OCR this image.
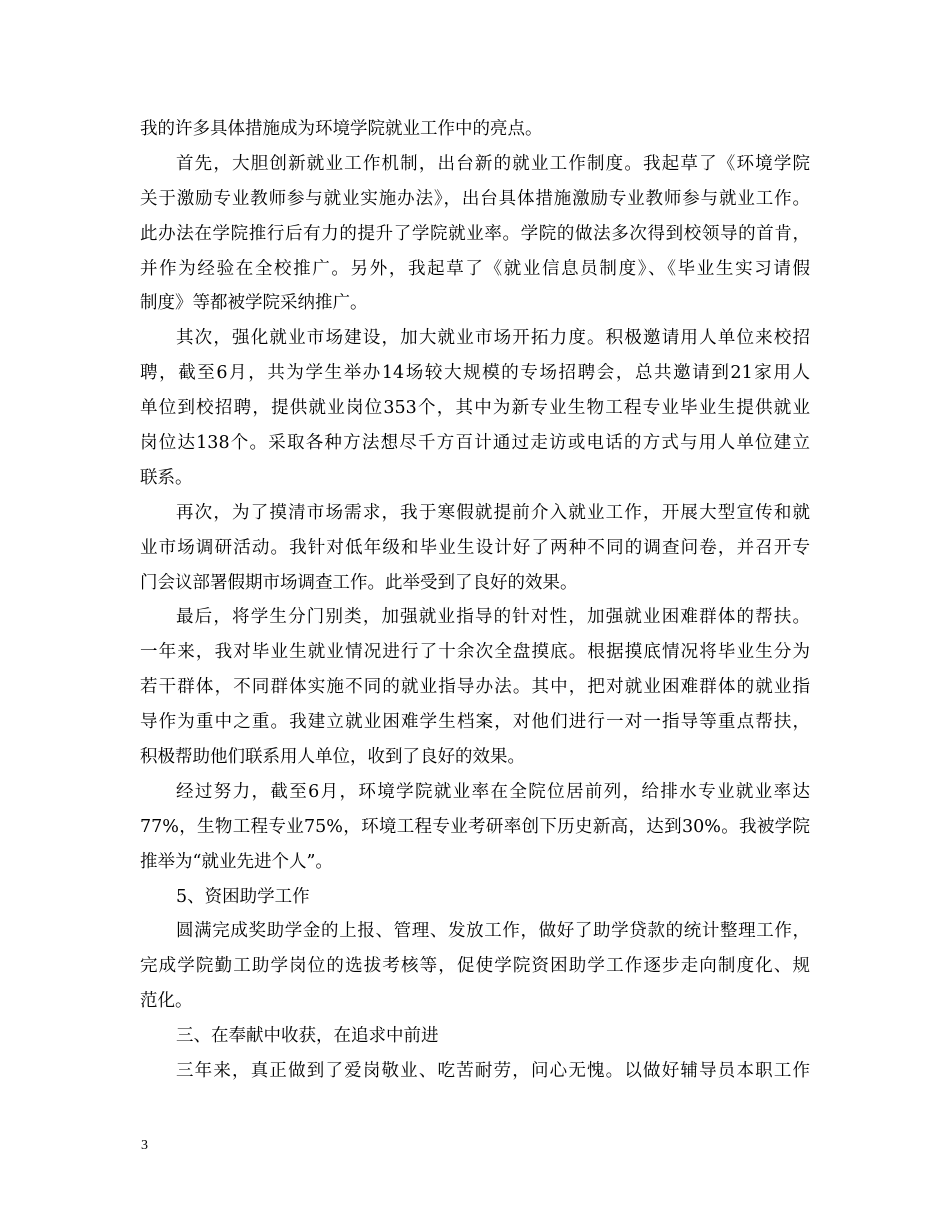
我的许多具体措施成为环境学院就业工作中的亮点。
首先，大胆创新就业工作机制，出台新的就业工作制度。我起草了《环境学院
关于激励专业教师参与就业实施办法》，出台具体措施激励专业教师参与就业工作。
此办法在学院推行后有力的提升了学院就业率。学院的做法多次得到校领导的首肯，
并作为经验在全校推广。另外，我起草了《就业信息员制度》、《毕业生实习请假
制度》等都被学院采纳推广。
其次，强化就业市场建设，加大就业市场开拓力度。积极邀请用人单位来校招
聘，截至6月，共为学生举办14场较大规模的专场招聘会，总共邀请到21家用人
单位到校招聘，提供就业岗位353个，其中为新专业生物工程专业毕业生提供就业
岗位达138个。采取各种方法想尽千方百计通过走访或电话的方式与用人单位建立
联系。
再次，为了摸清市场需求，我于寒假就提前介入就业工作，开展大型宣传和就
业市场调研活动。我针对低年级和毕业生设计好了两种不同的调查问卷，并召开专
门会议部署假期市场调查工作。此举受到了良好的效果。
最后，将学生分门别类，加强就业指导的针对性，加强就业困难群体的帮扶。
一年来，我对毕业生就业情况进行了十余次全盘摸底。根据摸底情况将毕业生分为
若干群体，不同群体实施不同的就业指导办法。其中，把对就业困难群体的就业指
导作为重中之重。我建立就业困难学生档案，对他们进行一对一指导等重点帮扶，
积极帮助他们联系用人单位，收到了良好的效果。
经过努力，截至6月，环境学院就业率在全院位居前列，给排水专业就业率达
77%，生物工程专业75%，环境工程专业考研率创下历史新高，达到30%。我被学院
推举为“就业先进个人”。
5、资困助学工作
圆满完成奖助学金的上报、管理、发放工作，做好了助学贷款的统计整理工作，
完成学院勤工助学岗位的选拔考核等，促使学院资困助学工作逐步走向制度化、规
范化。
三、在奉献中收获，在追求中前进
三年来，真正做到了爱岗敬业、吃苦耐劳，问心无愧。以做好辅导员本职工作
3
